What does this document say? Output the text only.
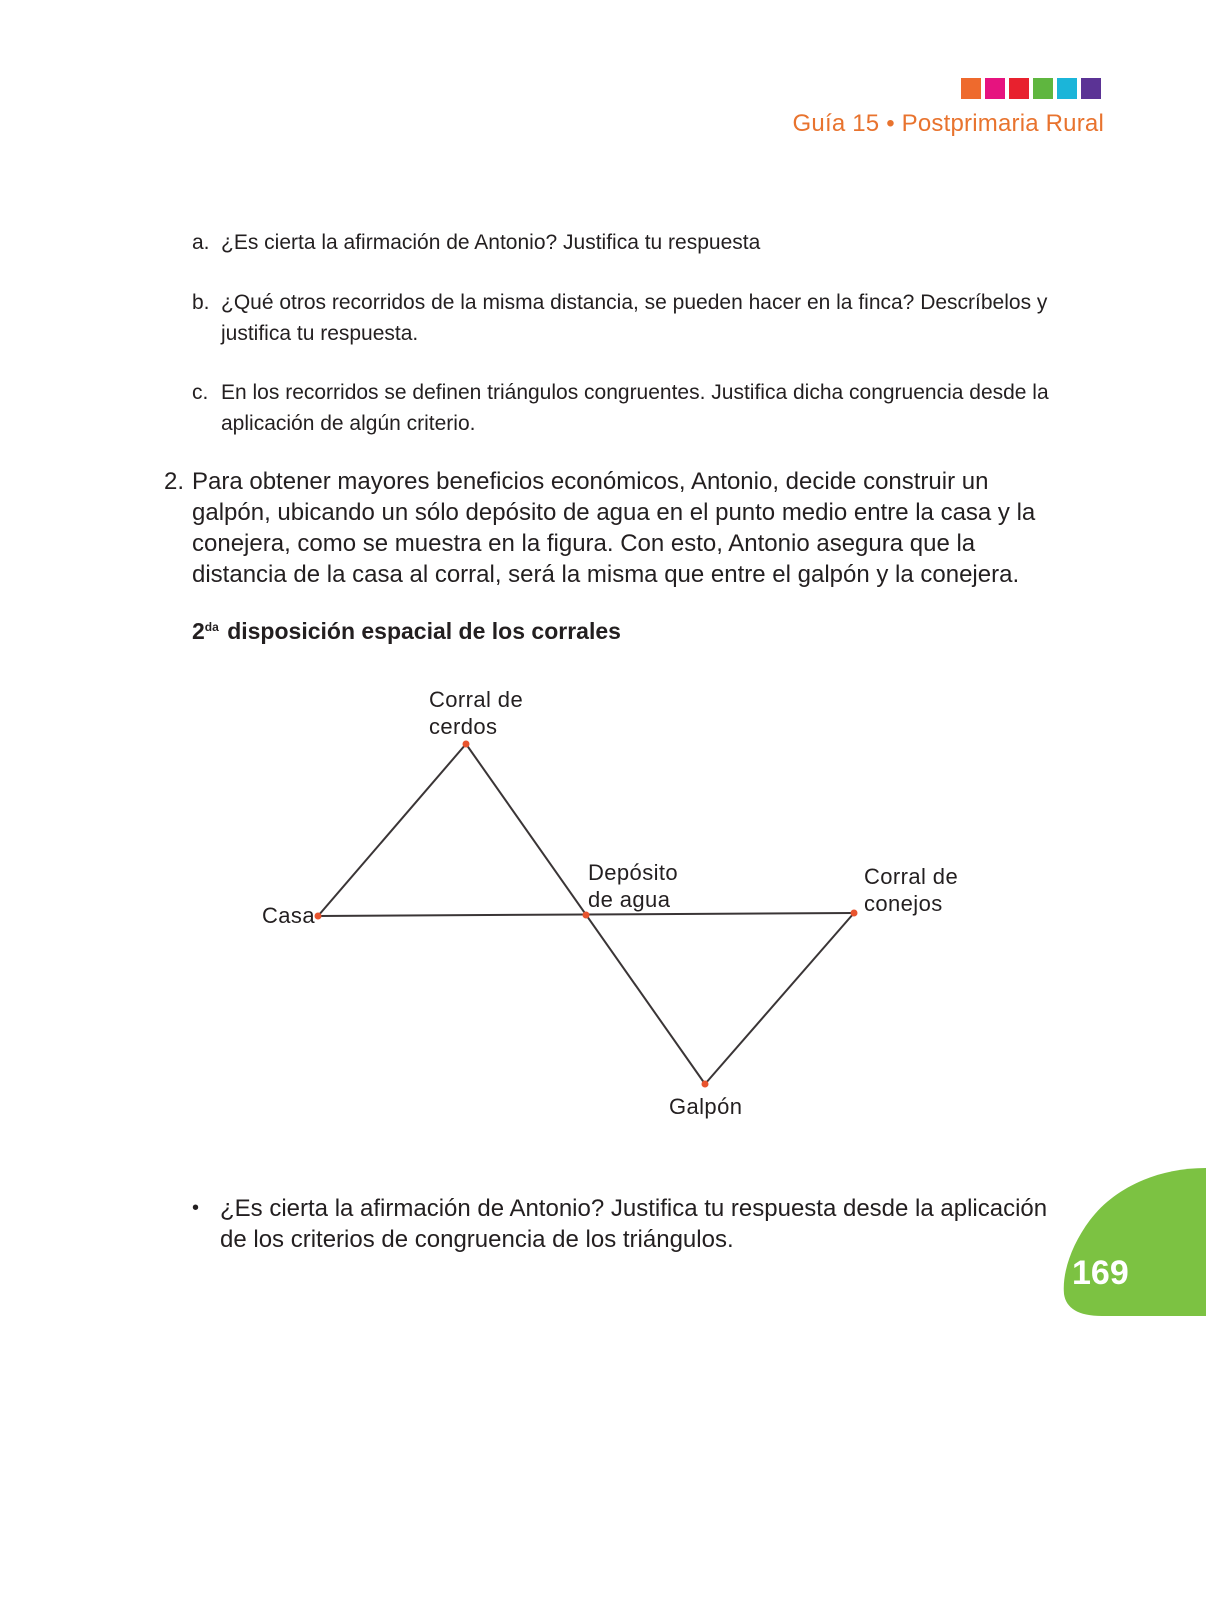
Guía 15 • Postprimaria Rural
a. ¿Es cierta la afirmación de Antonio? Justifica tu respuesta
b. ¿Qué otros recorridos de la misma distancia, se pueden hacer en la finca? Descríbelos y justifica tu respuesta.
c. En los recorridos se definen triángulos congruentes. Justifica dicha congruencia desde la aplicación de algún criterio.
2. Para obtener mayores beneficios económicos, Antonio, decide construir un galpón, ubicando un sólo depósito de agua en el punto medio entre la casa y la conejera, como se muestra en la figura. Con esto, Antonio asegura que la distancia de la casa al corral, será la misma que entre el galpón y la conejera.
$2^{da}$ disposición espacial de los corrales
Corral de
cerdos
Casa
Depósito
de agua
Corral de
conejos
Galpón
• ¿Es cierta la afirmación de Antonio? Justifica tu respuesta desde la aplicación de los criterios de congruencia de los triángulos.
169
